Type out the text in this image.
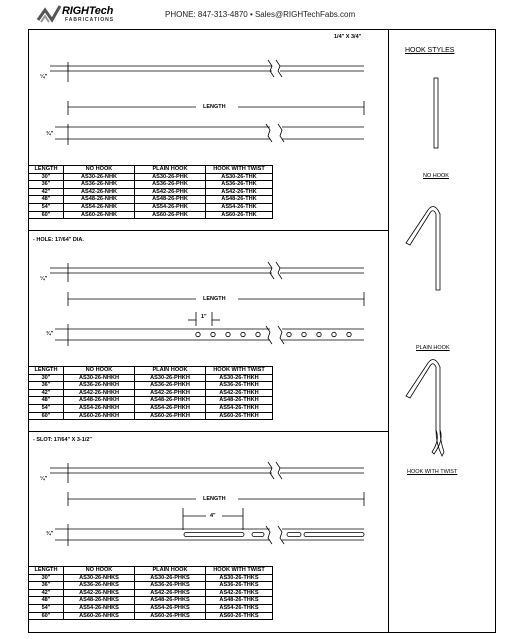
RIGHTech
FABRICATIONS
PHONE: 847-313-4870 • Sales@RIGHTechFabs.com
1/4" X 3/4"
¼"
LENGTH
¾"
- HOLE: 17/64" DIA.
¼"
LENGTH
1"
¾"
- SLOT: 17/64" X 3-1/2"
¼"
LENGTH
4"
¾"
LENGTH	NO HOOK	PLAIN HOOK	HOOK WITH TWIST
30"	AS30-26-NHK	AS30-26-PHK	AS30-26-THK
36"	AS36-26-NHK	AS36-26-PHK	AS36-26-THK
42"	AS42-26-NHK	AS42-26-PHK	AS42-26-THK
48"	AS48-26-NHK	AS48-26-PHK	AS48-26-THK
54"	AS54-26-NHK	AS54-26-PHK	AS54-26-THK
60"	AS60-26-NHK	AS60-26-PHK	AS60-26-THK
LENGTH	NO HOOK	PLAIN HOOK	HOOK WITH TWIST
30"	AS30-26-NHKH	AS30-26-PHKH	AS30-26-THKH
36"	AS36-26-NHKH	AS36-26-PHKH	AS36-26-THKH
42"	AS42-26-NHKH	AS42-26-PHKH	AS42-26-THKH
48"	AS48-26-NHKH	AS48-26-PHKH	AS48-26-THKH
54"	AS54-26-NHKH	AS54-26-PHKH	AS54-26-THKH
60"	AS60-26-NHKH	AS60-26-PHKH	AS60-26-THKH
LENGTH	NO HOOK	PLAIN HOOK	HOOK WITH TWIST
30"	AS30-26-NHKS	AS30-26-PHKS	AS30-26-THKS
36"	AS36-26-NHKS	AS36-26-PHKS	AS36-26-THKS
42"	AS42-26-NHKS	AS42-26-PHKS	AS42-26-THKS
48"	AS48-26-NHKS	AS48-26-PHKS	AS48-26-THKS
54"	AS54-26-NHKS	AS54-26-PHKS	AS54-26-THKS
60"	AS60-26-NHKS	AS60-26-PHKS	AS60-26-THKS
HOOK STYLES
NO HOOK
PLAIN HOOK
HOOK WITH TWIST
